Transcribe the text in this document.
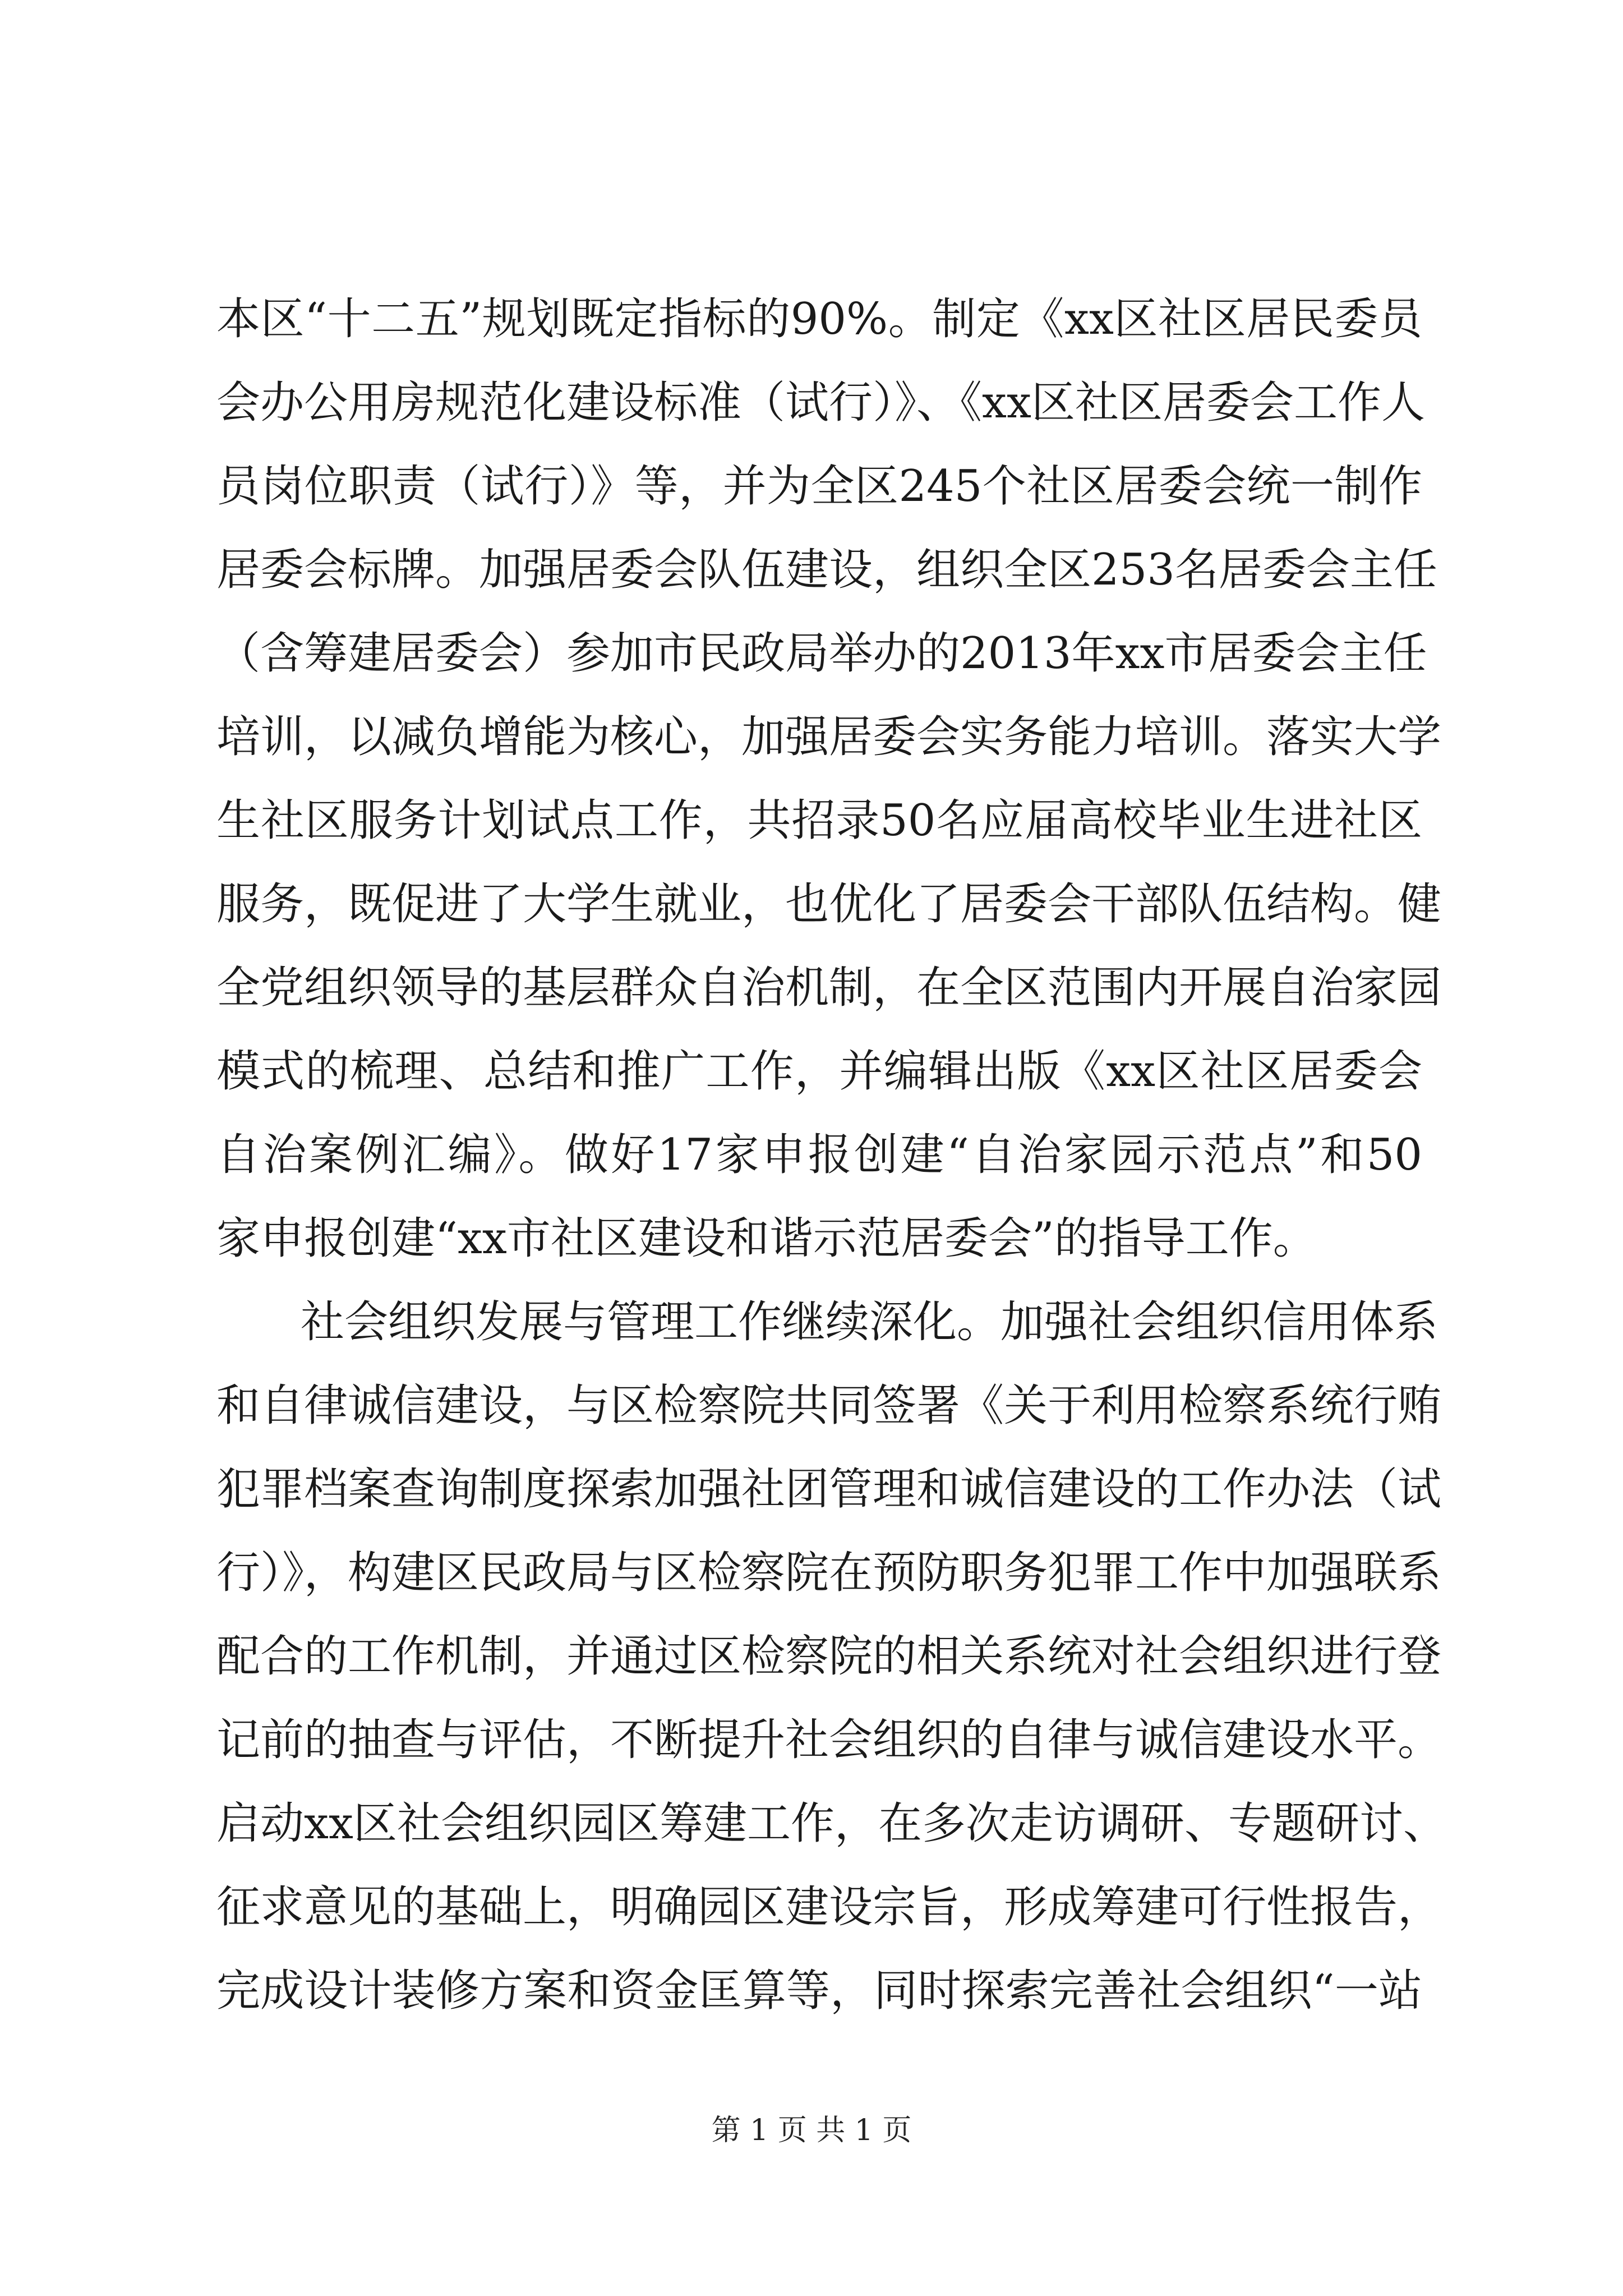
本区“十二五”规划既定指标的90%。制定《xx区社区居民委员
会办公用房规范化建设标准（试行）》、《xx区社区居委会工作人
员岗位职责（试行）》等，并为全区245个社区居委会统一制作
居委会标牌。加强居委会队伍建设，组织全区253名居委会主任
（含筹建居委会）参加市民政局举办的2013年xx市居委会主任
培训，以减负增能为核心，加强居委会实务能力培训。落实大学
生社区服务计划试点工作，共招录50名应届高校毕业生进社区
服务，既促进了大学生就业，也优化了居委会干部队伍结构。健
全党组织领导的基层群众自治机制，在全区范围内开展自治家园
模式的梳理、总结和推广工作，并编辑出版《xx区社区居委会
自治案例汇编》。做好17家申报创建“自治家园示范点”和50
家申报创建“xx市社区建设和谐示范居委会”的指导工作。
社会组织发展与管理工作继续深化。加强社会组织信用体系
和自律诚信建设，与区检察院共同签署《关于利用检察系统行贿
犯罪档案查询制度探索加强社团管理和诚信建设的工作办法（试
行）》，构建区民政局与区检察院在预防职务犯罪工作中加强联系
配合的工作机制，并通过区检察院的相关系统对社会组织进行登
记前的抽查与评估，不断提升社会组织的自律与诚信建设水平。
启动xx区社会组织园区筹建工作，在多次走访调研、专题研讨、
征求意见的基础上，明确园区建设宗旨，形成筹建可行性报告，
完成设计装修方案和资金匡算等，同时探索完善社会组织“一站
第 1 页 共 1 页
